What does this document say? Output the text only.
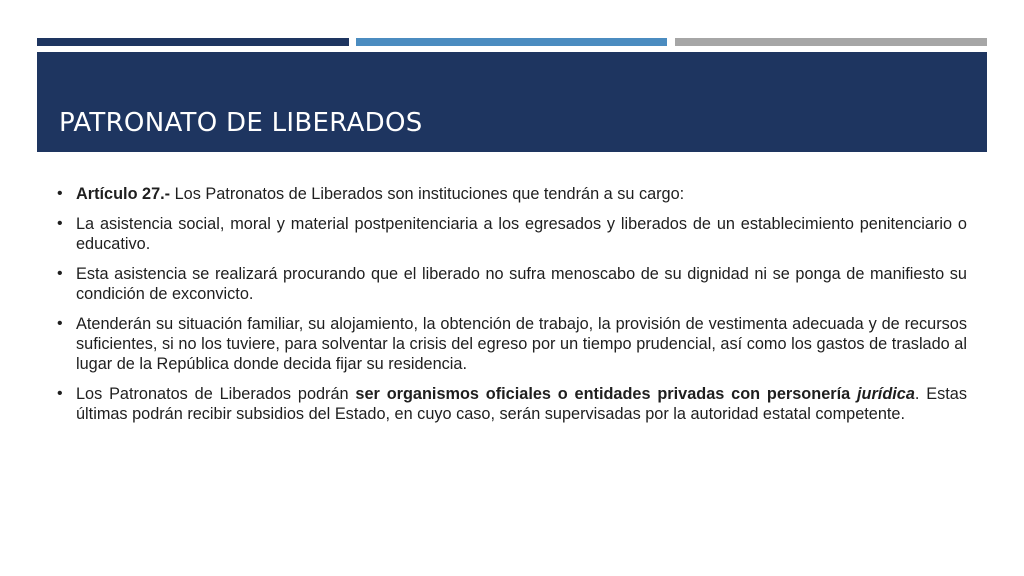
PATRONATO DE LIBERADOS
• Artículo 27.- Los Patronatos de Liberados son instituciones que tendrán a su cargo:
• La asistencia social, moral y material postpenitenciaria a los egresados y liberados de un establecimiento penitenciario o educativo.
• Esta asistencia se realizará procurando que el liberado no sufra menoscabo de su dignidad ni se ponga de manifiesto su condición de exconvicto.
• Atenderán su situación familiar, su alojamiento, la obtención de trabajo, la provisión de vestimenta adecuada y de recursos suficientes, si no los tuviere, para solventar la crisis del egreso por un tiempo prudencial, así como los gastos de traslado al lugar de la República donde decida fijar su residencia.
• Los Patronatos de Liberados podrán ser organismos oficiales o entidades privadas con personería jurídica. Estas últimas podrán recibir subsidios del Estado, en cuyo caso, serán supervisadas por la autoridad estatal competente.
